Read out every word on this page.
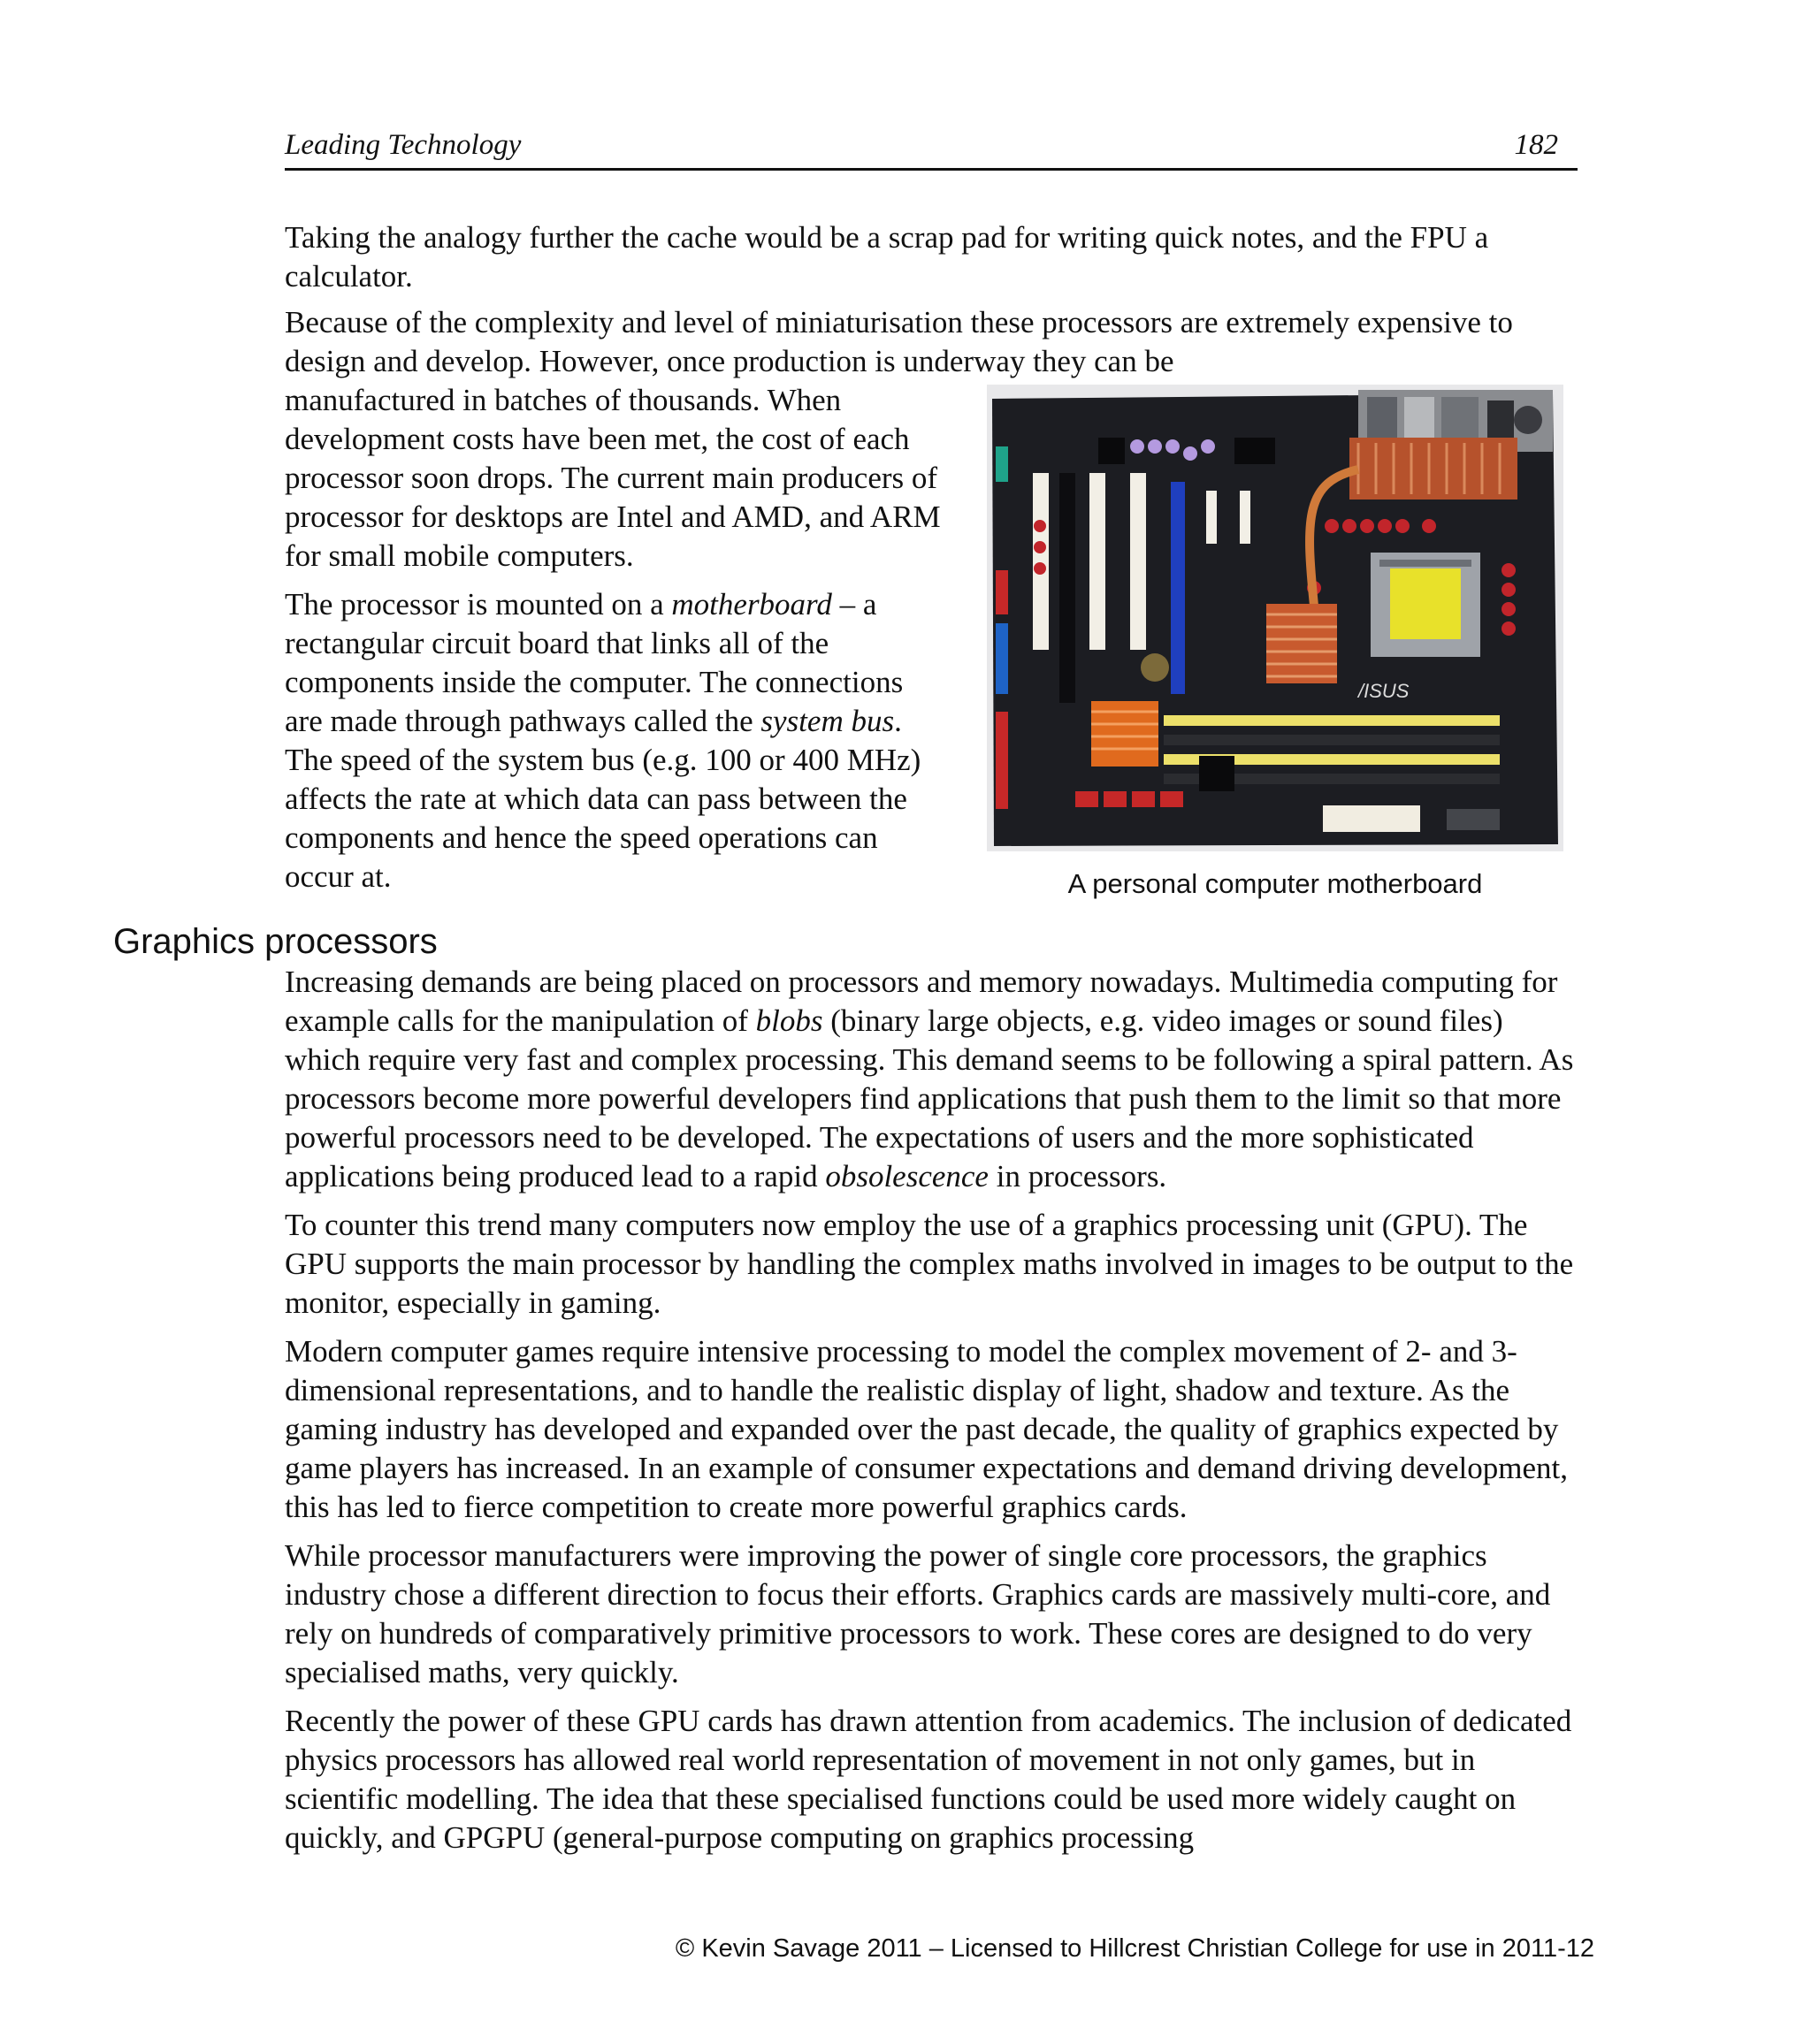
Leading Technology	182

Taking the analogy further the cache would be a scrap pad for writing quick notes, and the FPU a calculator.

Because of the complexity and level of miniaturisation these processors are extremely expensive to design and develop. However, once production is underway they can be

manufactured in batches of thousands. When development costs have been met, the cost of each processor soon drops. The current main producers of processor for desktops are Intel and AMD, and ARM for small mobile computers.

The processor is mounted on a motherboard – a rectangular circuit board that links all of the components inside the computer. The connections are made through pathways called the system bus. The speed of the system bus (e.g. 100 or 400 MHz) affects the rate at which data can pass between the components and hence the speed operations can occur at.

/ISUS
A personal computer motherboard
Graphics processors

Increasing demands are being placed on processors and memory nowadays. Multimedia computing for example calls for the manipulation of blobs (binary large objects, e.g. video images or sound files) which require very fast and complex processing. This demand seems to be following a spiral pattern. As processors become more powerful developers find applications that push them to the limit so that more powerful processors need to be developed. The expectations of users and the more sophisticated applications being produced lead to a rapid obsolescence in processors.

To counter this trend many computers now employ the use of a graphics processing unit (GPU). The GPU supports the main processor by handling the complex maths involved in images to be output to the monitor, especially in gaming.

Modern computer games require intensive processing to model the complex movement of 2- and 3-dimensional representations, and to handle the realistic display of light, shadow and texture. As the gaming industry has developed and expanded over the past decade, the quality of graphics expected by game players has increased. In an example of consumer expectations and demand driving development, this has led to fierce competition to create more powerful graphics cards.

While processor manufacturers were improving the power of single core processors, the graphics industry chose a different direction to focus their efforts. Graphics cards are massively multi-core, and rely on hundreds of comparatively primitive processors to work. These cores are designed to do very specialised maths, very quickly.

Recently the power of these GPU cards has drawn attention from academics. The inclusion of dedicated physics processors has allowed real world representation of movement in not only games, but in scientific modelling. The idea that these specialised functions could be used more widely caught on quickly, and GPGPU (general-purpose computing on graphics processing

© Kevin Savage 2011 – Licensed to Hillcrest Christian College for use in 2011-12
